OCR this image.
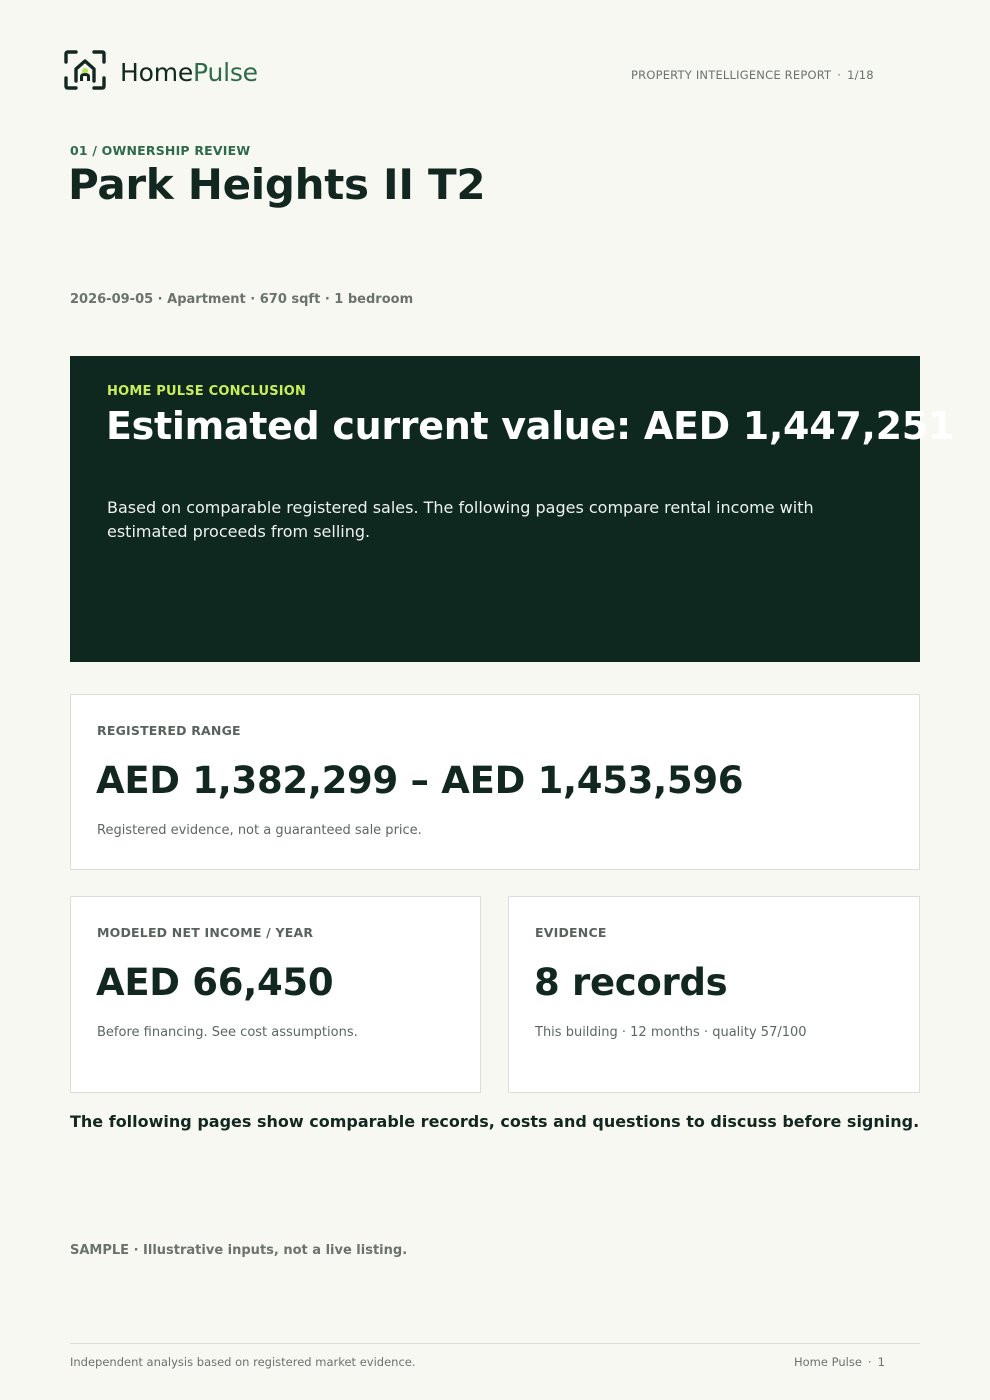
HomePulse	PROPERTY INTELLIGENCE REPORT · 1/18
01 / OWNERSHIP REVIEW
Park Heights II T2
2026-09-05 · Apartment · 670 sqft · 1 bedroom
HOME PULSE CONCLUSION
Estimated current value: AED 1,447,251
Based on comparable registered sales. The following pages compare rental income with estimated proceeds from selling.
REGISTERED RANGE
AED 1,382,299 – AED 1,453,596
Registered evidence, not a guaranteed sale price.
MODELED NET INCOME / YEAR
AED 66,450
Before financing. See cost assumptions.
EVIDENCE
8 records
This building · 12 months · quality 57/100
The following pages show comparable records, costs and questions to discuss before signing.
SAMPLE · Illustrative inputs, not a live listing.
Independent analysis based on registered market evidence.	Home Pulse · 1
